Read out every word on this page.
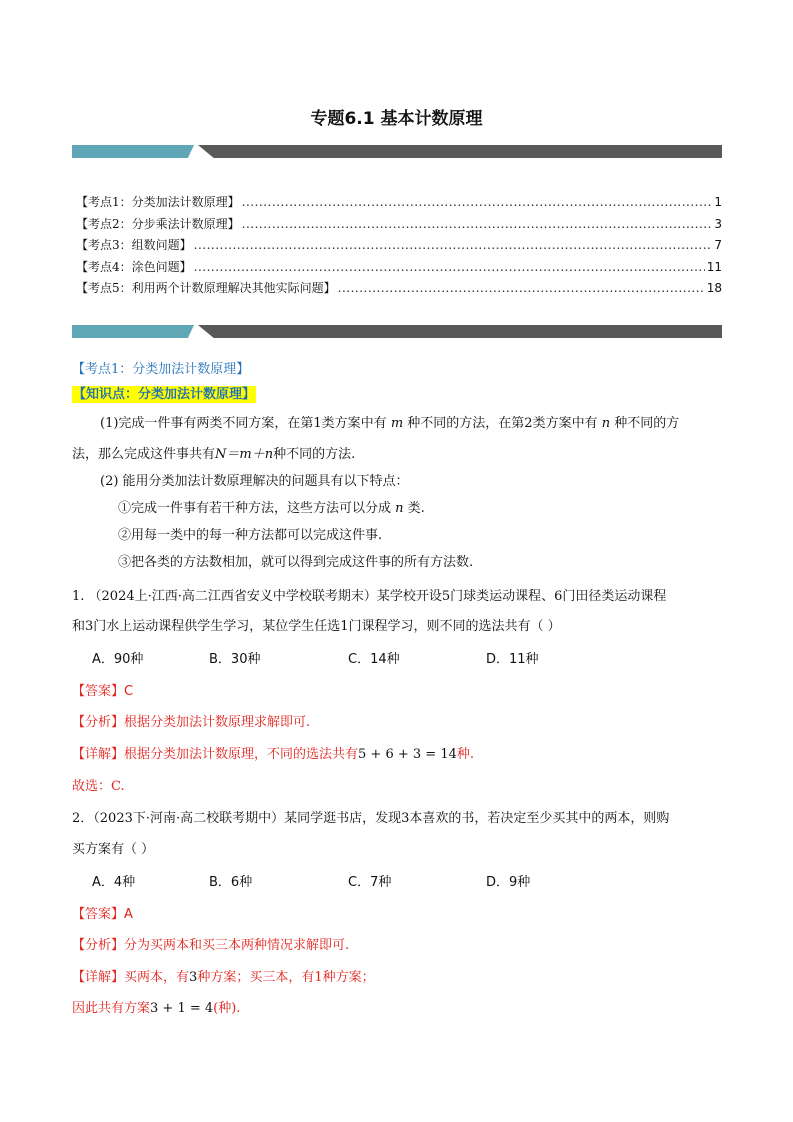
专题6.1 基本计数原理
【考点1：分类加法计数原理】 .....	1
【考点2：分步乘法计数原理】 .....	3
【考点3：组数问题】 .....	7
【考点4：涂色问题】 .....	11
【考点5：利用两个计数原理解决其他实际问题】 .....	18
【考点1：分类加法计数原理】
【知识点：分类加法计数原理】
(1)完成一件事有两类不同方案，在第1类方案中有 m 种不同的方法，在第2类方案中有 n 种不同的方
法，那么完成这件事共有N＝m＋n种不同的方法.
(2) 能用分类加法计数原理解决的问题具有以下特点：
①完成一件事有若干种方法，这些方法可以分成 n 类.
②用每一类中的每一种方法都可以完成这件事.
③把各类的方法数相加，就可以得到完成这件事的所有方法数.
1. （2024上·江西·高二江西省安义中学校联考期末）某学校开设5门球类运动课程、6门田径类运动课程
和3门水上运动课程供学生学习，某位学生任选1门课程学习，则不同的选法共有（ ）
A．90种	B．30种	C．14种	D．11种
【答案】C
【分析】根据分类加法计数原理求解即可.
【详解】根据分类加法计数原理，不同的选法共有5 + 6 + 3 = 14种.
故选：C.
2．（2023下·河南·高二校联考期中）某同学逛书店，发现3本喜欢的书，若决定至少买其中的两本，则购
买方案有（ ）
A．4种	B．6种	C．7种	D．9种
【答案】A
【分析】分为买两本和买三本两种情况求解即可.
【详解】买两本，有3种方案；买三本，有1种方案；
因此共有方案3 + 1 = 4(种).
